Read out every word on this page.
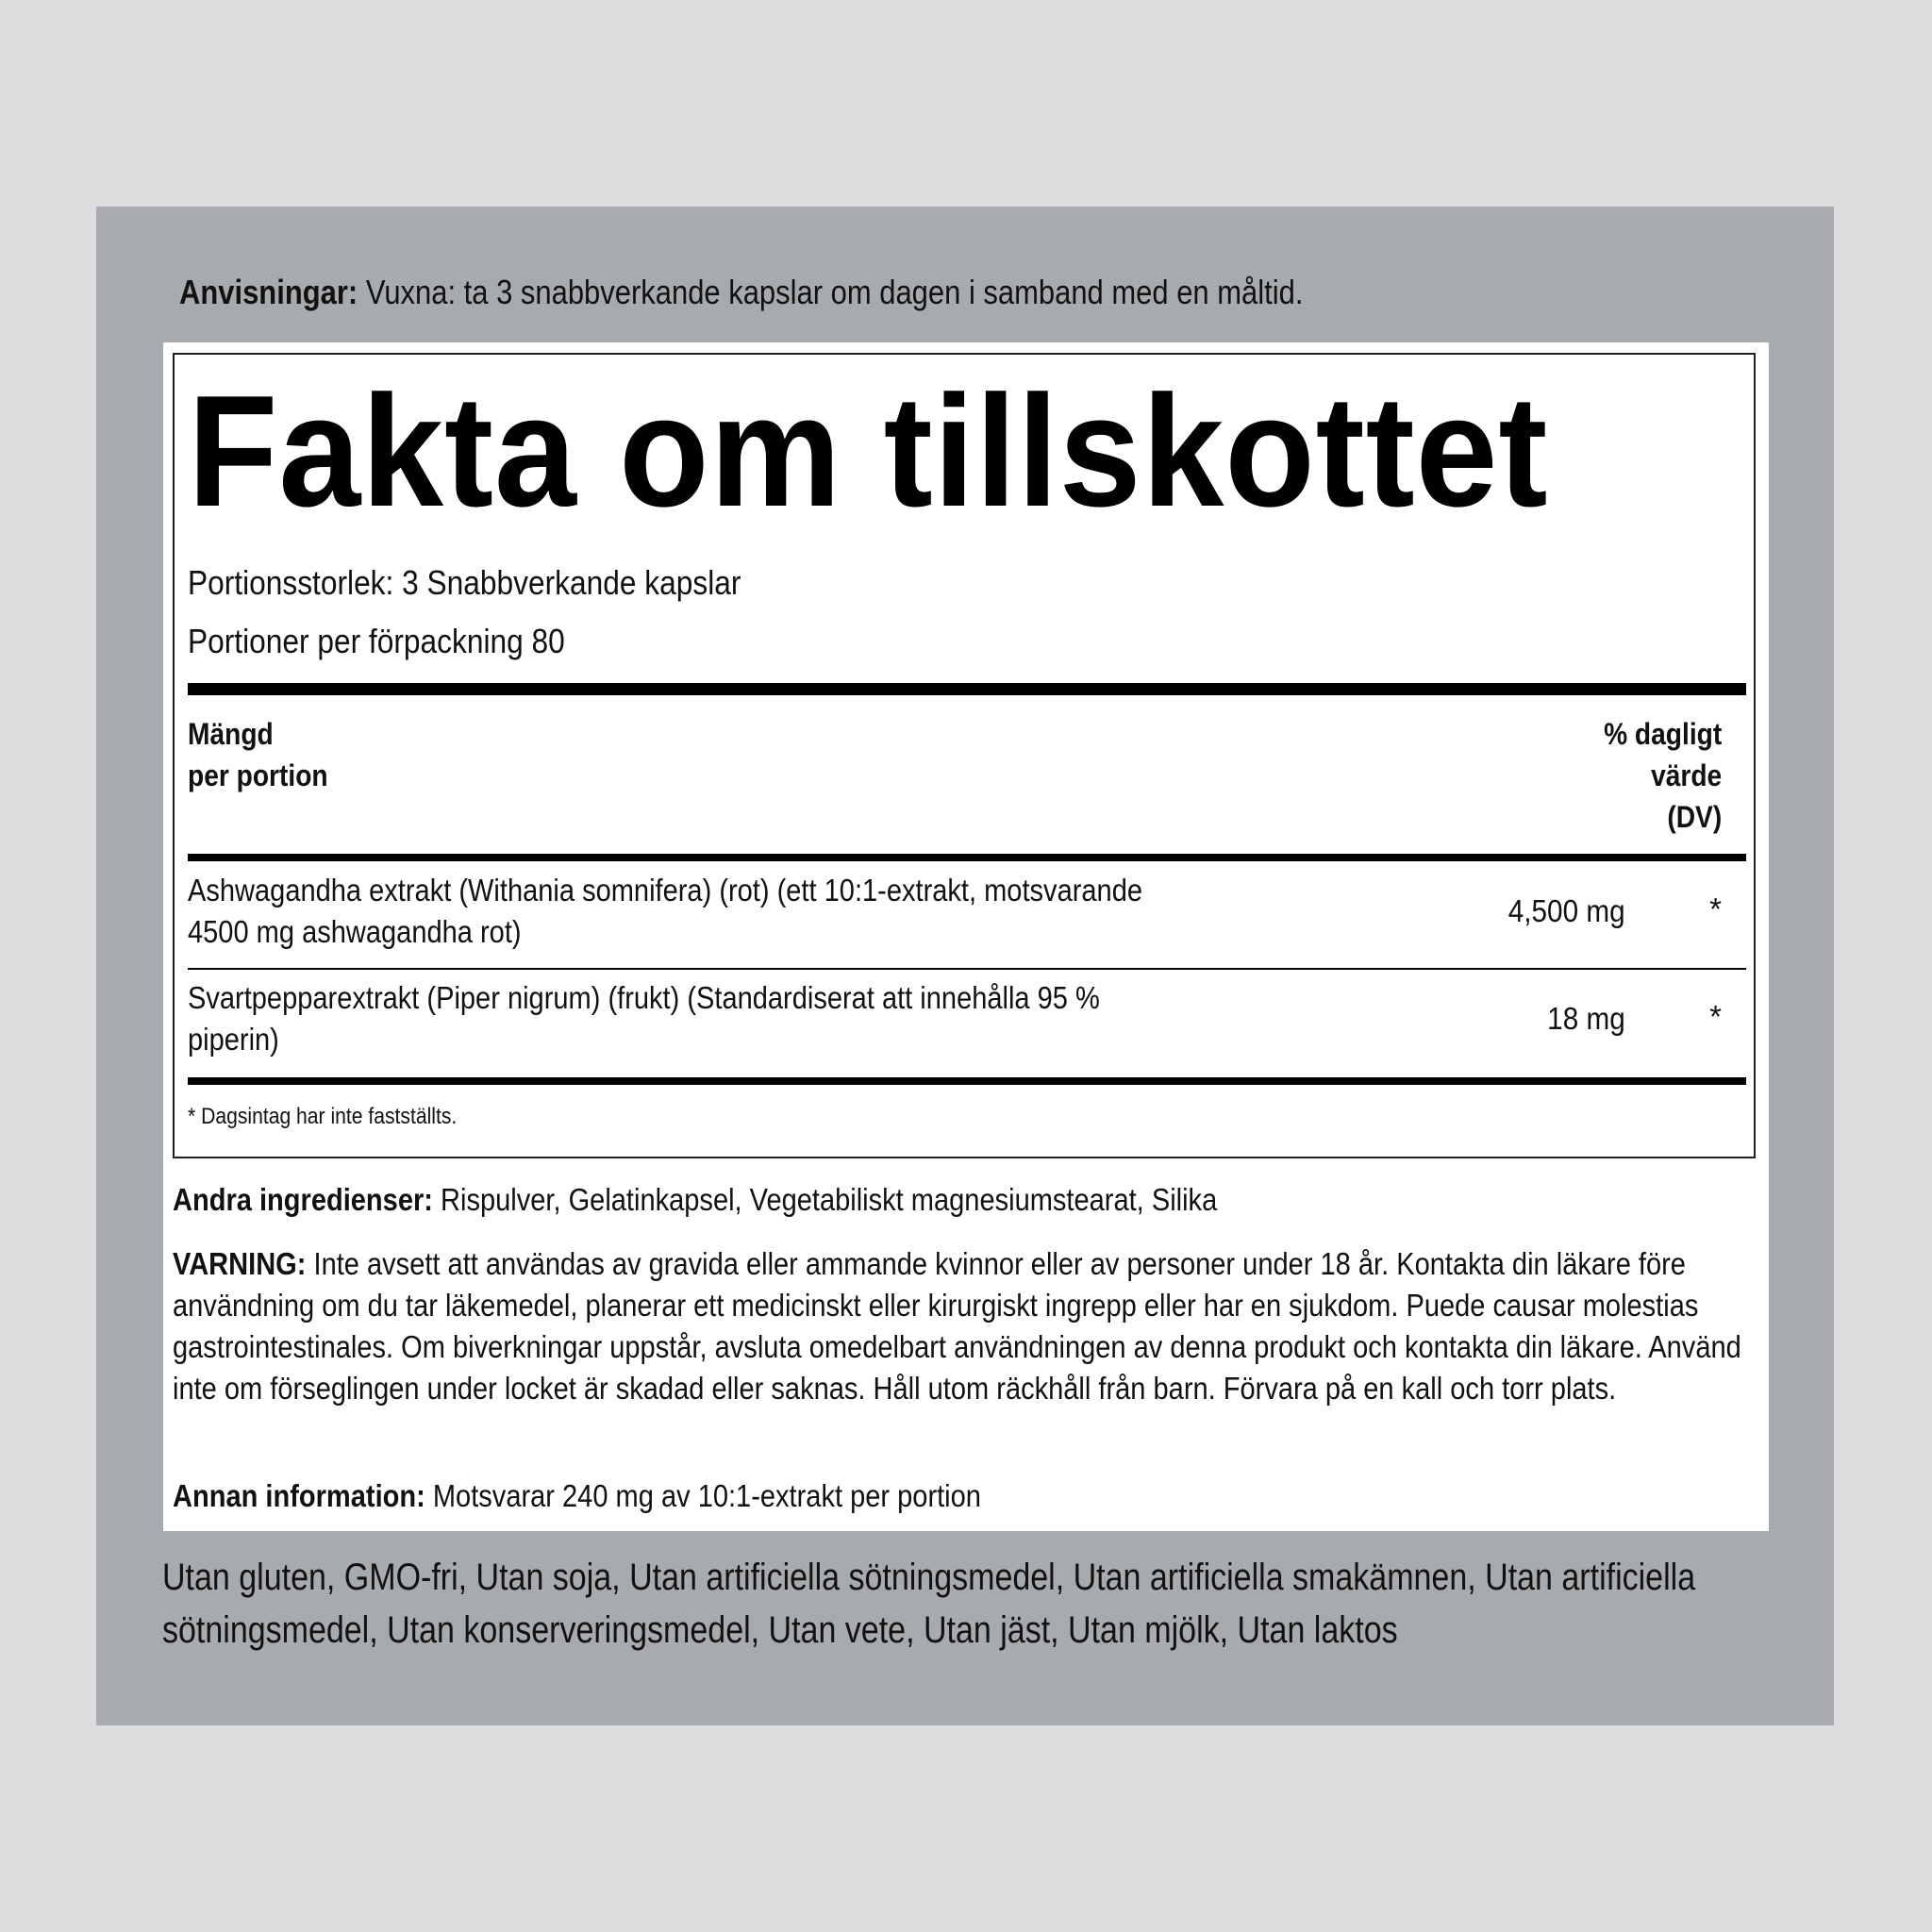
Anvisningar: Vuxna: ta 3 snabbverkande kapslar om dagen i samband med en måltid.
Fakta om tillskottet
Portionsstorlek: 3 Snabbverkande kapslar
Portioner per förpackning 80
Mängd
per portion
% dagligt
värde
(DV)
Ashwagandha extrakt (Withania somnifera) (rot) (ett 10:1-extrakt, motsvarande 4500 mg ashwagandha rot)
4,500 mg	*
Svartpepparextrakt (Piper nigrum) (frukt) (Standardiserat att innehålla 95 % piperin)
18 mg	*
* Dagsintag har inte fastställts.
Andra ingredienser: Rispulver, Gelatinkapsel, Vegetabiliskt magnesiumstearat, Silika
VARNING: Inte avsett att användas av gravida eller ammande kvinnor eller av personer under 18 år. Kontakta din läkare före användning om du tar läkemedel, planerar ett medicinskt eller kirurgiskt ingrepp eller har en sjukdom. Puede causar molestias gastrointestinales. Om biverkningar uppstår, avsluta omedelbart användningen av denna produkt och kontakta din läkare. Använd inte om förseglingen under locket är skadad eller saknas. Håll utom räckhåll från barn. Förvara på en kall och torr plats.
Annan information: Motsvarar 240 mg av 10:1-extrakt per portion
Utan gluten, GMO-fri, Utan soja, Utan artificiella sötningsmedel, Utan artificiella smakämnen, Utan artificiella sötningsmedel, Utan konserveringsmedel, Utan vete, Utan jäst, Utan mjölk, Utan laktos
